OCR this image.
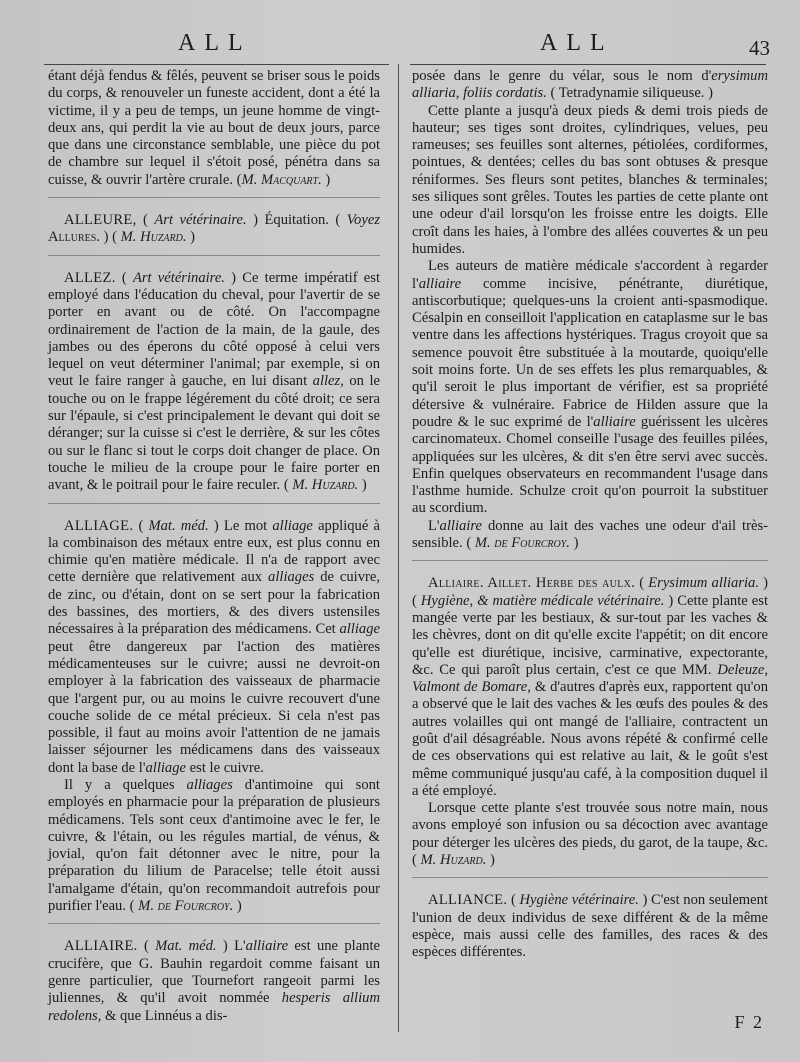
ALL	ALL	43

étant déjà fendus & fêlés, peuvent se briser sous le poids du corps, & renouveler un funeste accident, dont a été la victime, il y a peu de temps, un jeune homme de vingt-deux ans, qui perdit la vie au bout de deux jours, parce que dans une circonstance semblable, une pièce du pot de chambre sur lequel il s'étoit posé, pénétra dans sa cuisse, & ouvrir l'artère crurale. (M. Macquart. )

ALLEURE, ( Art vétérinaire. ) Équitation. ( Voyez Allures. ) ( M. Huzard. )

ALLEZ. ( Art vétérinaire. ) Ce terme impératif est employé dans l'éducation du cheval, pour l'avertir de se porter en avant ou de côté. On l'accompagne ordinairement de l'action de la main, de la gaule, des jambes ou des éperons du côté opposé à celui vers lequel on veut déterminer l'animal; par exemple, si on veut le faire ranger à gauche, en lui disant allez, on le touche ou on le frappe légérement du côté droit; ce sera sur l'épaule, si c'est principalement le devant qui doit se déranger; sur la cuisse si c'est le derrière, & sur les côtes ou sur le flanc si tout le corps doit changer de place. On touche le milieu de la croupe pour le faire porter en avant, & le poitrail pour le faire reculer. ( M. Huzard. )

ALLIAGE. ( Mat. méd. ) Le mot alliage appliqué à la combinaison des métaux entre eux, est plus connu en chimie qu'en matière médicale. Il n'a de rapport avec cette dernière que relativement aux alliages de cuivre, de zinc, ou d'étain, dont on se sert pour la fabrication des bassines, des mortiers, & des divers ustensiles nécessaires à la préparation des médicamens. Cet alliage peut être dangereux par l'action des matières médicamenteuses sur le cuivre; aussi ne devroit-on employer à la fabrication des vaisseaux de pharmacie que l'argent pur, ou au moins le cuivre recouvert d'une couche solide de ce métal précieux. Si cela n'est pas possible, il faut au moins avoir l'attention de ne jamais laisser séjourner les médicamens dans des vaisseaux dont la base de l'alliage est le cuivre.

Il y a quelques alliages d'antimoine qui sont employés en pharmacie pour la préparation de plusieurs médicamens. Tels sont ceux d'antimoine avec le fer, le cuivre, & l'étain, ou les régules martial, de vénus, & jovial, qu'on fait détonner avec le nitre, pour la préparation du lilium de Paracelse; telle étoit aussi l'amalgame d'étain, qu'on recommandoit autrefois pour purifier l'eau. ( M. de Fourcroy. )

ALLIAIRE. ( Mat. méd. ) L'alliaire est une plante crucifère, que G. Bauhin regardoit comme faisant un genre particulier, que Tournefort rangeoit parmi les juliennes, & qu'il avoit nommée hesperis allium redolens, & que Linnéus a dis-

posée dans le genre du vélar, sous le nom d'erysimum alliaria, foliis cordatis. ( Tetradynamie siliqueuse. )

Cette plante a jusqu'à deux pieds & demi trois pieds de hauteur; ses tiges sont droites, cylindriques, velues, peu rameuses; ses feuilles sont alternes, pétiolées, cordiformes, pointues, & dentées; celles du bas sont obtuses & presque réniformes. Ses fleurs sont petites, blanches & terminales; ses siliques sont grêles. Toutes les parties de cette plante ont une odeur d'ail lorsqu'on les froisse entre les doigts. Elle croît dans les haies, à l'ombre des allées couvertes & un peu humides.

Les auteurs de matière médicale s'accordent à regarder l'alliaire comme incisive, pénétrante, diurétique, antiscorbutique; quelques-uns la croient anti-spasmodique. Césalpin en conseilloit l'application en cataplasme sur le bas ventre dans les affections hystériques. Tragus croyoit que sa semence pouvoit être substituée à la moutarde, quoiqu'elle soit moins forte. Un de ses effets les plus remarquables, & qu'il seroit le plus important de vérifier, est sa propriété détersive & vulnéraire. Fabrice de Hilden assure que la poudre & le suc exprimé de l'alliaire guérissent les ulcères carcinomateux. Chomel conseille l'usage des feuilles pilées, appliquées sur les ulcères, & dit s'en être servi avec succès. Enfin quelques observateurs en recommandent l'usage dans l'asthme humide. Schulze croit qu'on pourroit la substituer au scordium.

L'alliaire donne au lait des vaches une odeur d'ail très-sensible. ( M. de Fourcroy. )

Alliaire. Aillet. Herbe des aulx. ( Erysimum alliaria. ) ( Hygiène, & matière médicale vétérinaire. ) Cette plante est mangée verte par les bestiaux, & sur-tout par les vaches & les chèvres, dont on dit qu'elle excite l'appétit; on dit encore qu'elle est diurétique, incisive, carminative, expectorante, &c. Ce qui paroît plus certain, c'est ce que MM. Deleuze, Valmont de Bomare, & d'autres d'après eux, rapportent qu'on a observé que le lait des vaches & les œufs des poules & des autres volailles qui ont mangé de l'alliaire, contractent un goût d'ail désagréable. Nous avons répété & confirmé celle de ces observations qui est relative au lait, & le goût s'est même communiqué jusqu'au café, à la composition duquel il a été employé.

Lorsque cette plante s'est trouvée sous notre main, nous avons employé son infusion ou sa décoction avec avantage pour déterger les ulcères des pieds, du garot, de la taupe, &c. ( M. Huzard. )

ALLIANCE. ( Hygiène vétérinaire. ) C'est non seulement l'union de deux individus de sexe différent & de la même espèce, mais aussi celle des familles, des races & des espèces différentes.

F 2
